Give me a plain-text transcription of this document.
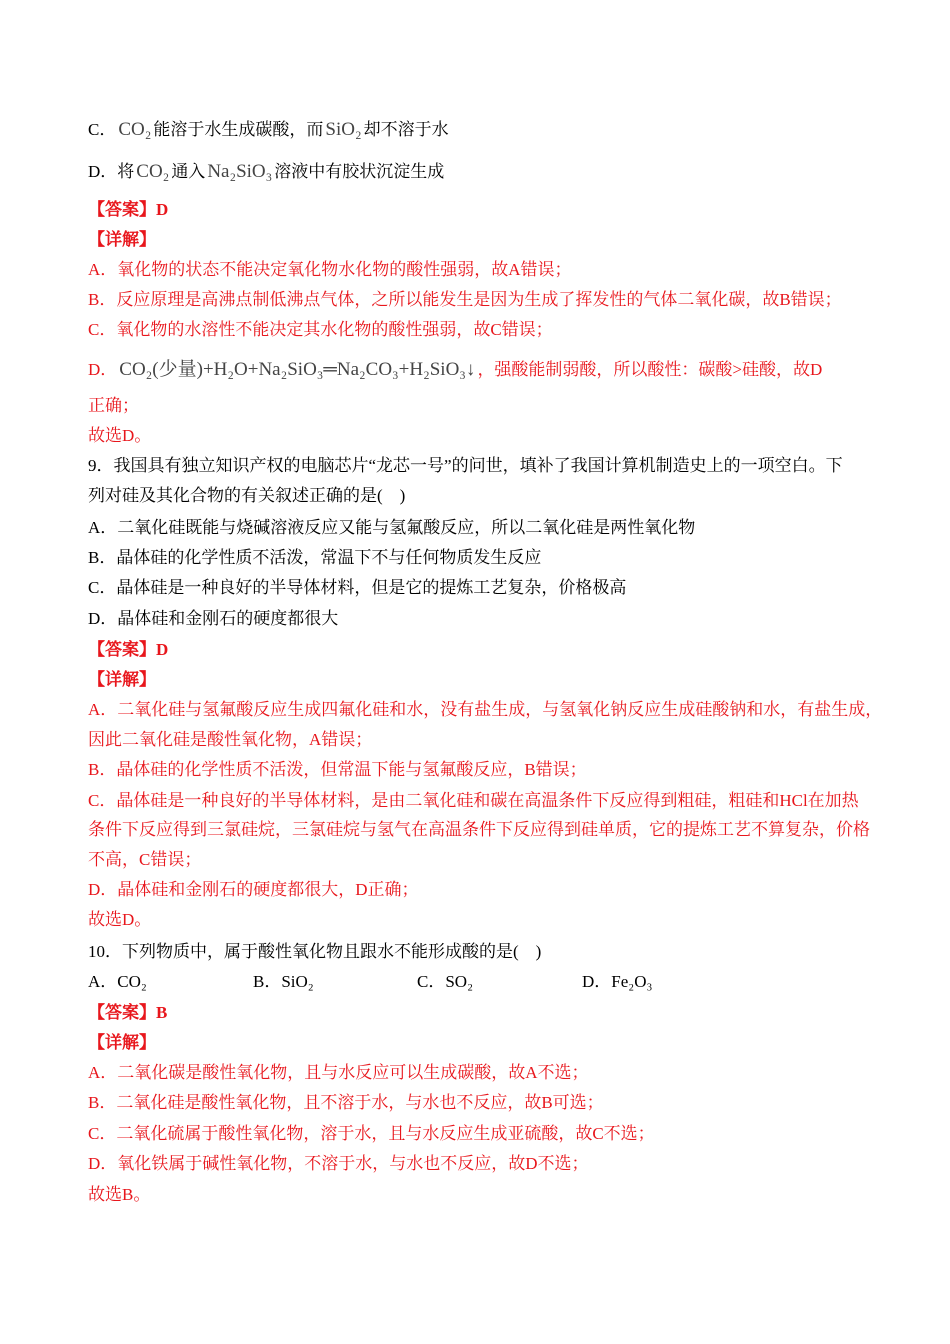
C． CO₂ 能溶于水生成碳酸，而 SiO₂ 却不溶于水
D．将 CO₂ 通入 Na₂SiO₃ 溶液中有胶状沉淀生成
【答案】D
【详解】
A．氧化物的状态不能决定氧化物水化物的酸性强弱，故A错误；
B．反应原理是高沸点制低沸点气体，之所以能发生是因为生成了挥发性的气体二氧化碳，故B错误；
C．氧化物的水溶性不能决定其水化物的酸性强弱，故C错误；
D． CO₂(少量)+H₂O+Na₂SiO₃═Na₂CO₃+H₂SiO₃↓ ，强酸能制弱酸，所以酸性：碳酸>硅酸，故D
正确；
故选D。
9．我国具有独立知识产权的电脑芯片“龙芯一号”的问世，填补了我国计算机制造史上的一项空白。下
列对硅及其化合物的有关叙述正确的是(　)
A．二氧化硅既能与烧碱溶液反应又能与氢氟酸反应，所以二氧化硅是两性氧化物
B．晶体硅的化学性质不活泼，常温下不与任何物质发生反应
C．晶体硅是一种良好的半导体材料，但是它的提炼工艺复杂，价格极高
D．晶体硅和金刚石的硬度都很大
【答案】D
【详解】
A．二氧化硅与氢氟酸反应生成四氟化硅和水，没有盐生成，与氢氧化钠反应生成硅酸钠和水，有盐生成，
因此二氧化硅是酸性氧化物，A错误；
B．晶体硅的化学性质不活泼，但常温下能与氢氟酸反应，B错误；
C．晶体硅是一种良好的半导体材料，是由二氧化硅和碳在高温条件下反应得到粗硅，粗硅和HCl在加热
条件下反应得到三氯硅烷，三氯硅烷与氢气在高温条件下反应得到硅单质，它的提炼工艺不算复杂，价格
不高，C错误；
D．晶体硅和金刚石的硬度都很大，D正确；
故选D。
10．下列物质中，属于酸性氧化物且跟水不能形成酸的是(　)
A．CO₂	B．SiO₂	C．SO₂	D．Fe₂O₃
【答案】B
【详解】
A．二氧化碳是酸性氧化物，且与水反应可以生成碳酸，故A不选；
B．二氧化硅是酸性氧化物，且不溶于水，与水也不反应，故B可选；
C．二氧化硫属于酸性氧化物，溶于水，且与水反应生成亚硫酸，故C不选；
D．氧化铁属于碱性氧化物，不溶于水，与水也不反应，故D不选；
故选B。
